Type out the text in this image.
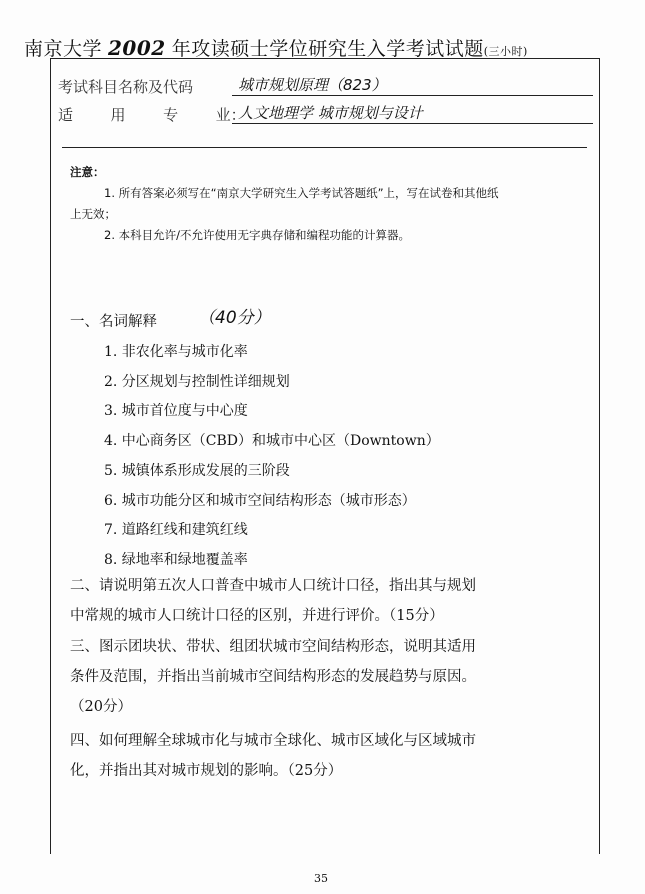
南京大学 2002 年攻读硕士学位研究生入学考试试题(三小时)
考试科目名称及代码	城市规划原理（823）
适  用  专  业：
人文地理学 城市规划与设计
注意：
1. 所有答案必须写在“南京大学研究生入学考试答题纸”上，写在试卷和其他纸
上无效；
2. 本科目允许/不允许使用无字典存储和编程功能的计算器。
一、名词解释 （40分）
1. 非农化率与城市化率
2. 分区规划与控制性详细规划
3. 城市首位度与中心度
4. 中心商务区（CBD）和城市中心区（Downtown）
5. 城镇体系形成发展的三阶段
6. 城市功能分区和城市空间结构形态（城市形态）
7. 道路红线和建筑红线
8. 绿地率和绿地覆盖率
二、请说明第五次人口普查中城市人口统计口径，指出其与规划
中常规的城市人口统计口径的区别，并进行评价。（15分）
三、图示团块状、带状、组团状城市空间结构形态，说明其适用
条件及范围，并指出当前城市空间结构形态的发展趋势与原因。
（20分）
四、如何理解全球城市化与城市全球化、城市区域化与区域城市
化，并指出其对城市规划的影响。（25分）
35
